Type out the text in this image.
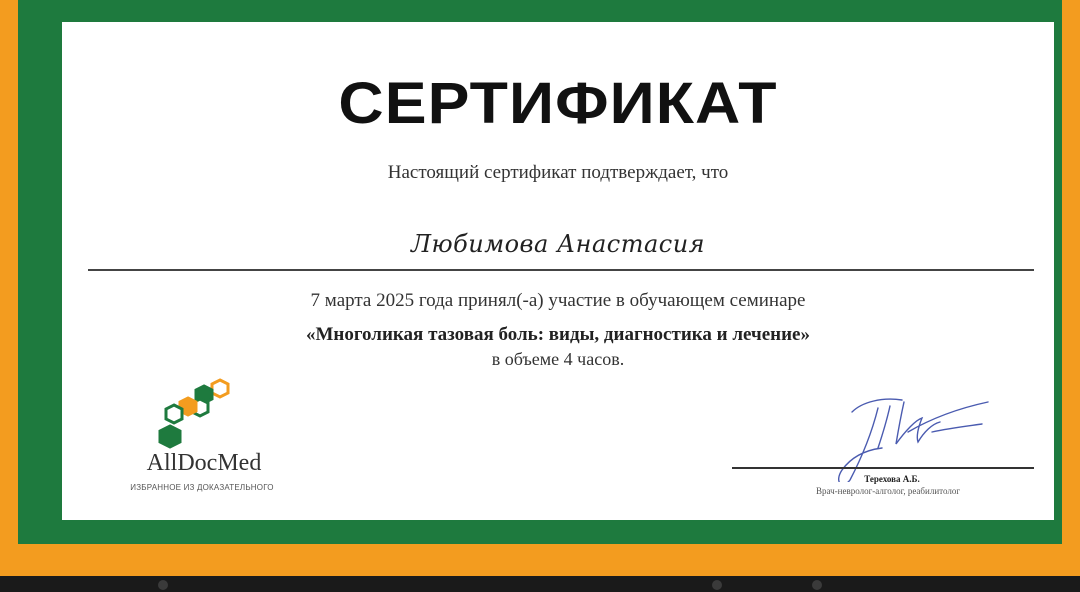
СЕРТИФИКАТ
Настоящий сертификат подтверждает, что
Любимова Анастасия
7 марта 2025 года принял(-а) участие в обучающем семинаре
«Многоликая тазовая боль: виды, диагностика и лечение»
в объеме 4 часов.
AllDocMed
ИЗБРАННОЕ ИЗ ДОКАЗАТЕЛЬНОГО
Терехова А.Б.
Врач-невролог-алголог, реабилитолог
